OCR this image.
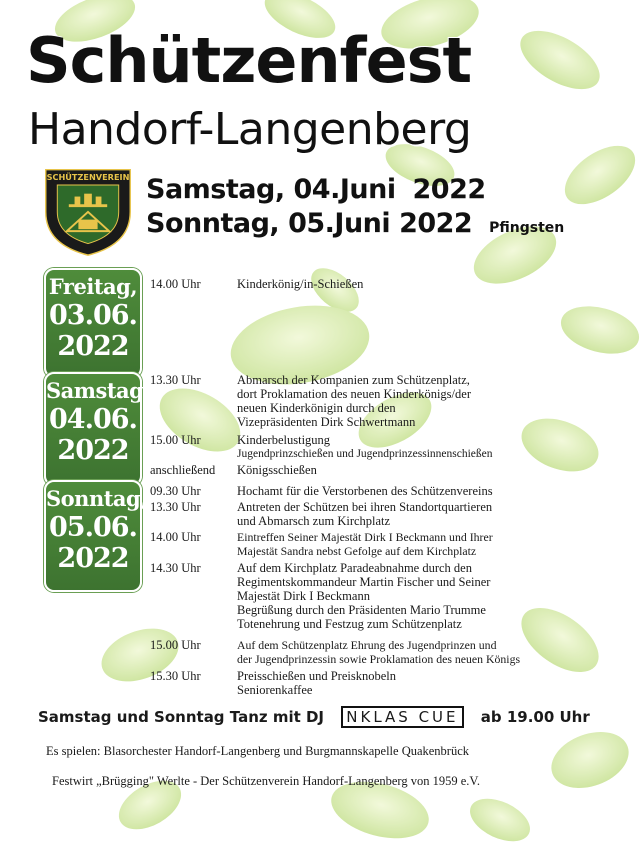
Schützenfest
Handorf-Langenberg
SCHÜTZENVEREIN Samstag, 04.Juni 2022
Sonntag, 05.Juni 2022 Pfingsten
Freitag,
03.06.
2022
Samstag,
04.06.
2022
Sonntag,
05.06.
2022
14.00 Uhr	Kinderkönig/in-Schießen
13.30 Uhr	Abmarsch der Kompanien zum Schützenplatz,
dort Proklamation des neuen Kinderkönigs/der
neuen Kinderkönigin durch den
Vizepräsidenten Dirk Schwertmann
15.00 Uhr	Kinderbelustigung
Jugendprinzschießen und Jugendprinzessinnenschießen
anschließend Königsschießen
09.30 Uhr	Hochamt für die Verstorbenen des Schützenvereins
13.30 Uhr	Antreten der Schützen bei ihren Standortquartieren
und Abmarsch zum Kirchplatz
14.00 Uhr	Eintreffen Seiner Majestät Dirk I Beckmann und Ihrer
Majestät Sandra nebst Gefolge auf dem Kirchplatz
14.30 Uhr	Auf dem Kirchplatz Paradeabnahme durch den
Regimentskommandeur Martin Fischer und Seiner
Majestät Dirk I Beckmann
Begrüßung durch den Präsidenten Mario Trumme
Totenehrung und Festzug zum Schützenplatz
15.00 Uhr	Auf dem Schützenplatz Ehrung des Jugendprinzen und
der Jugendprinzessin sowie Proklamation des neuen Königs
15.30 Uhr	Preisschießen und Preisknobeln
Seniorenkaffee
Samstag und Sonntag Tanz mit DJ NKLAS CUE ab 19.00 Uhr
Es spielen: Blasorchester Handorf-Langenberg und Burgmannskapelle Quakenbrück
Festwirt „Brügging" Werlte - Der Schützenverein Handorf-Langenberg von 1959 e.V.
